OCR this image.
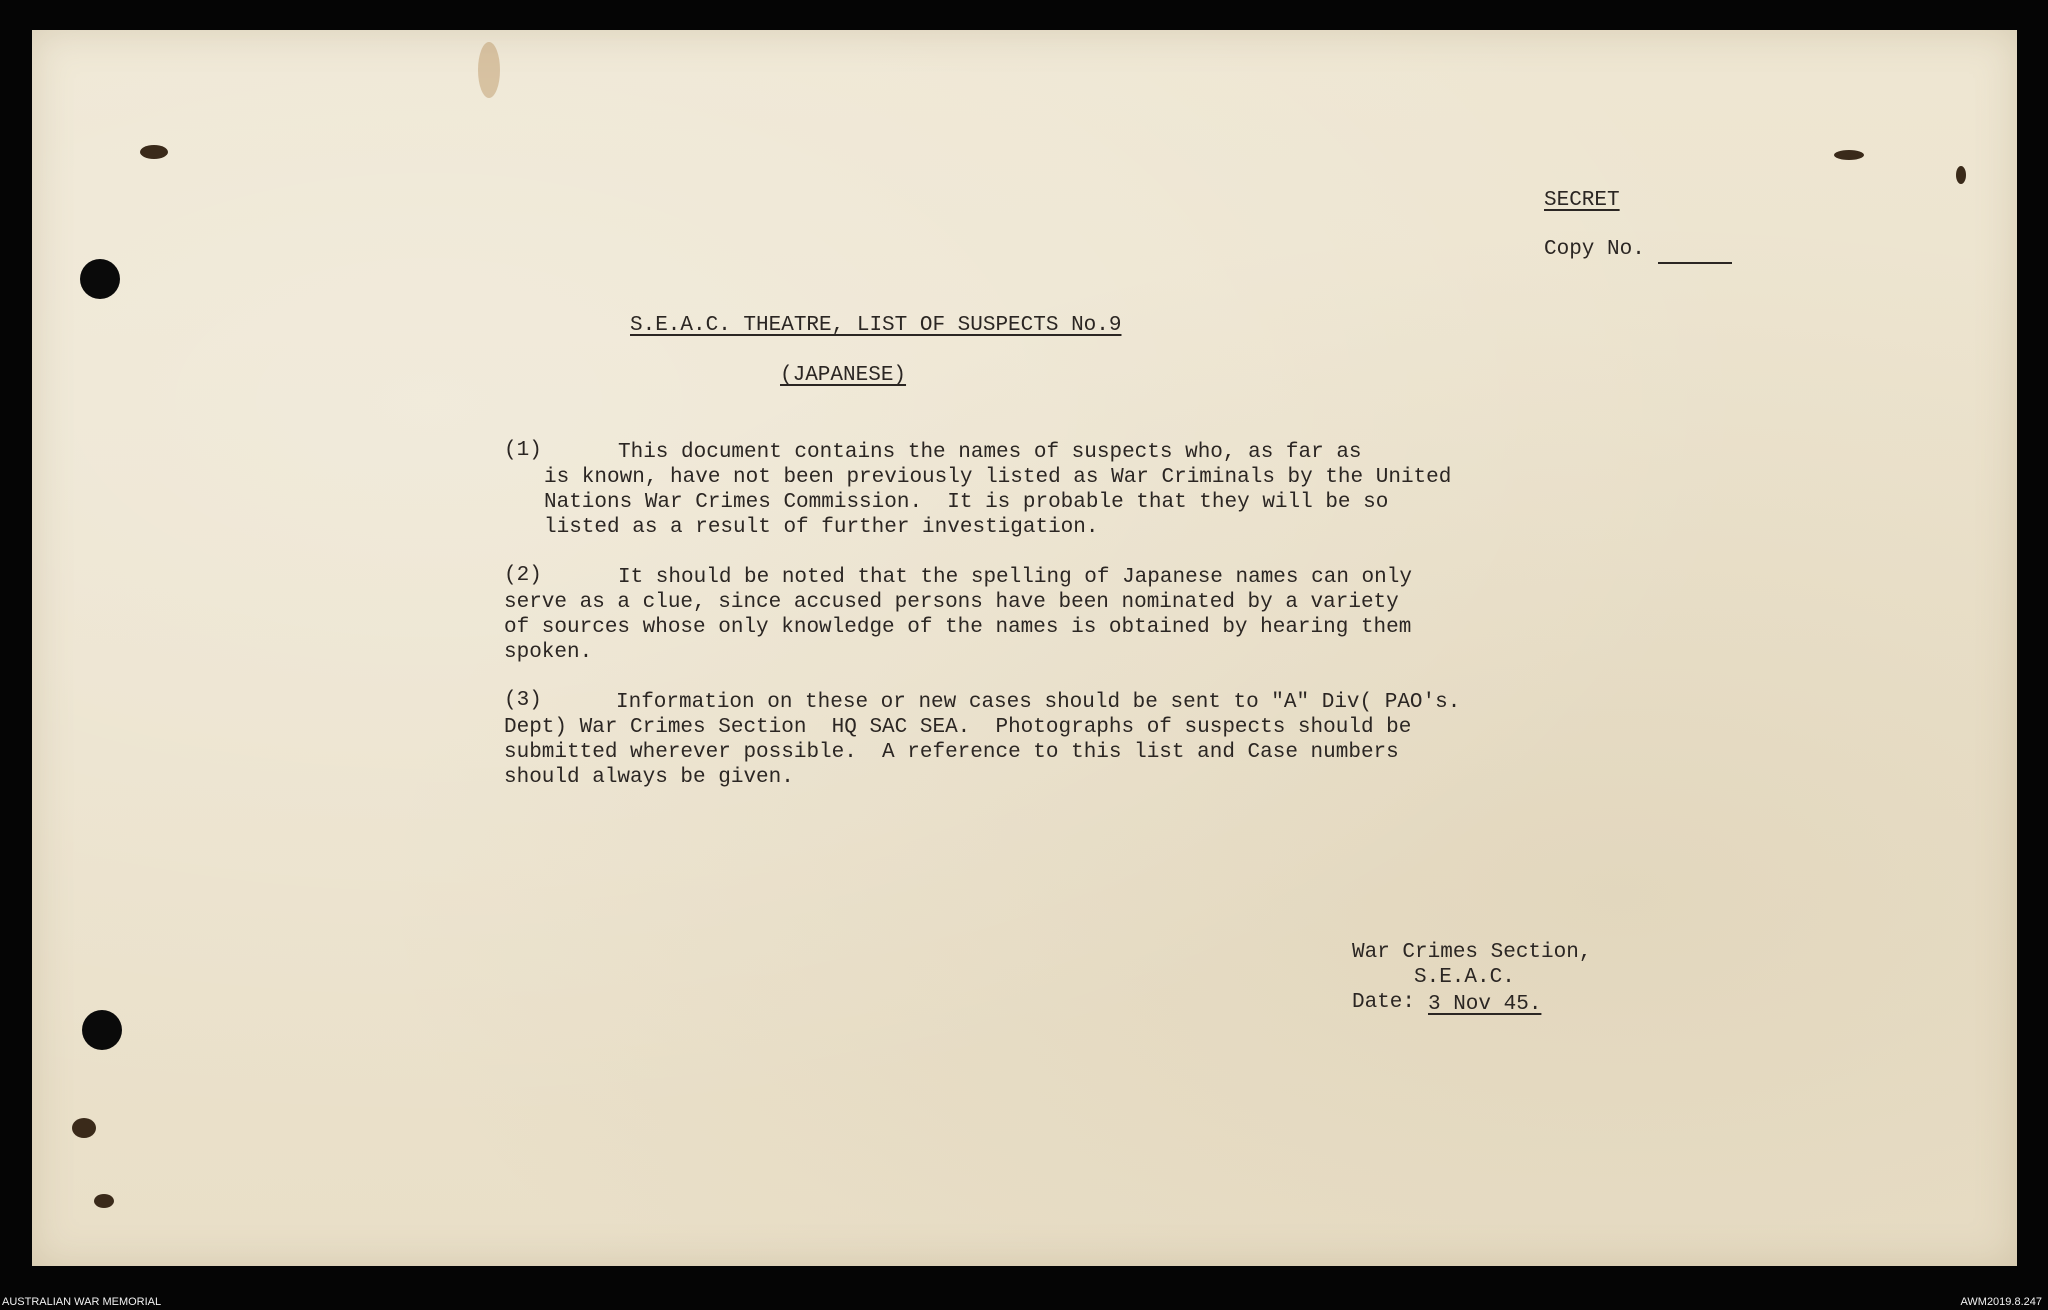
SECRET
Copy No.
S.E.A.C. THEATRE, LIST OF SUSPECTS No.9
(JAPANESE)
(1)	This document contains the names of suspects who, as far as
is known, have not been previously listed as War Criminals by the United
Nations War Crimes Commission.  It is probable that they will be so
listed as a result of further investigation.
(2)	It should be noted that the spelling of Japanese names can only
serve as a clue, since accused persons have been nominated by a variety
of sources whose only knowledge of the names is obtained by hearing them
spoken.
(3)	Information on these or new cases should be sent to "A" Div( PAO's.
Dept) War Crimes Section  HQ SAC SEA.  Photographs of suspects should be
submitted wherever possible.  A reference to this list and Case numbers
should always be given.
War Crimes Section,
S.E.A.C.
Date: 3 Nov 45.
AUSTRALIAN WAR MEMORIAL	AWM2019.8.247
